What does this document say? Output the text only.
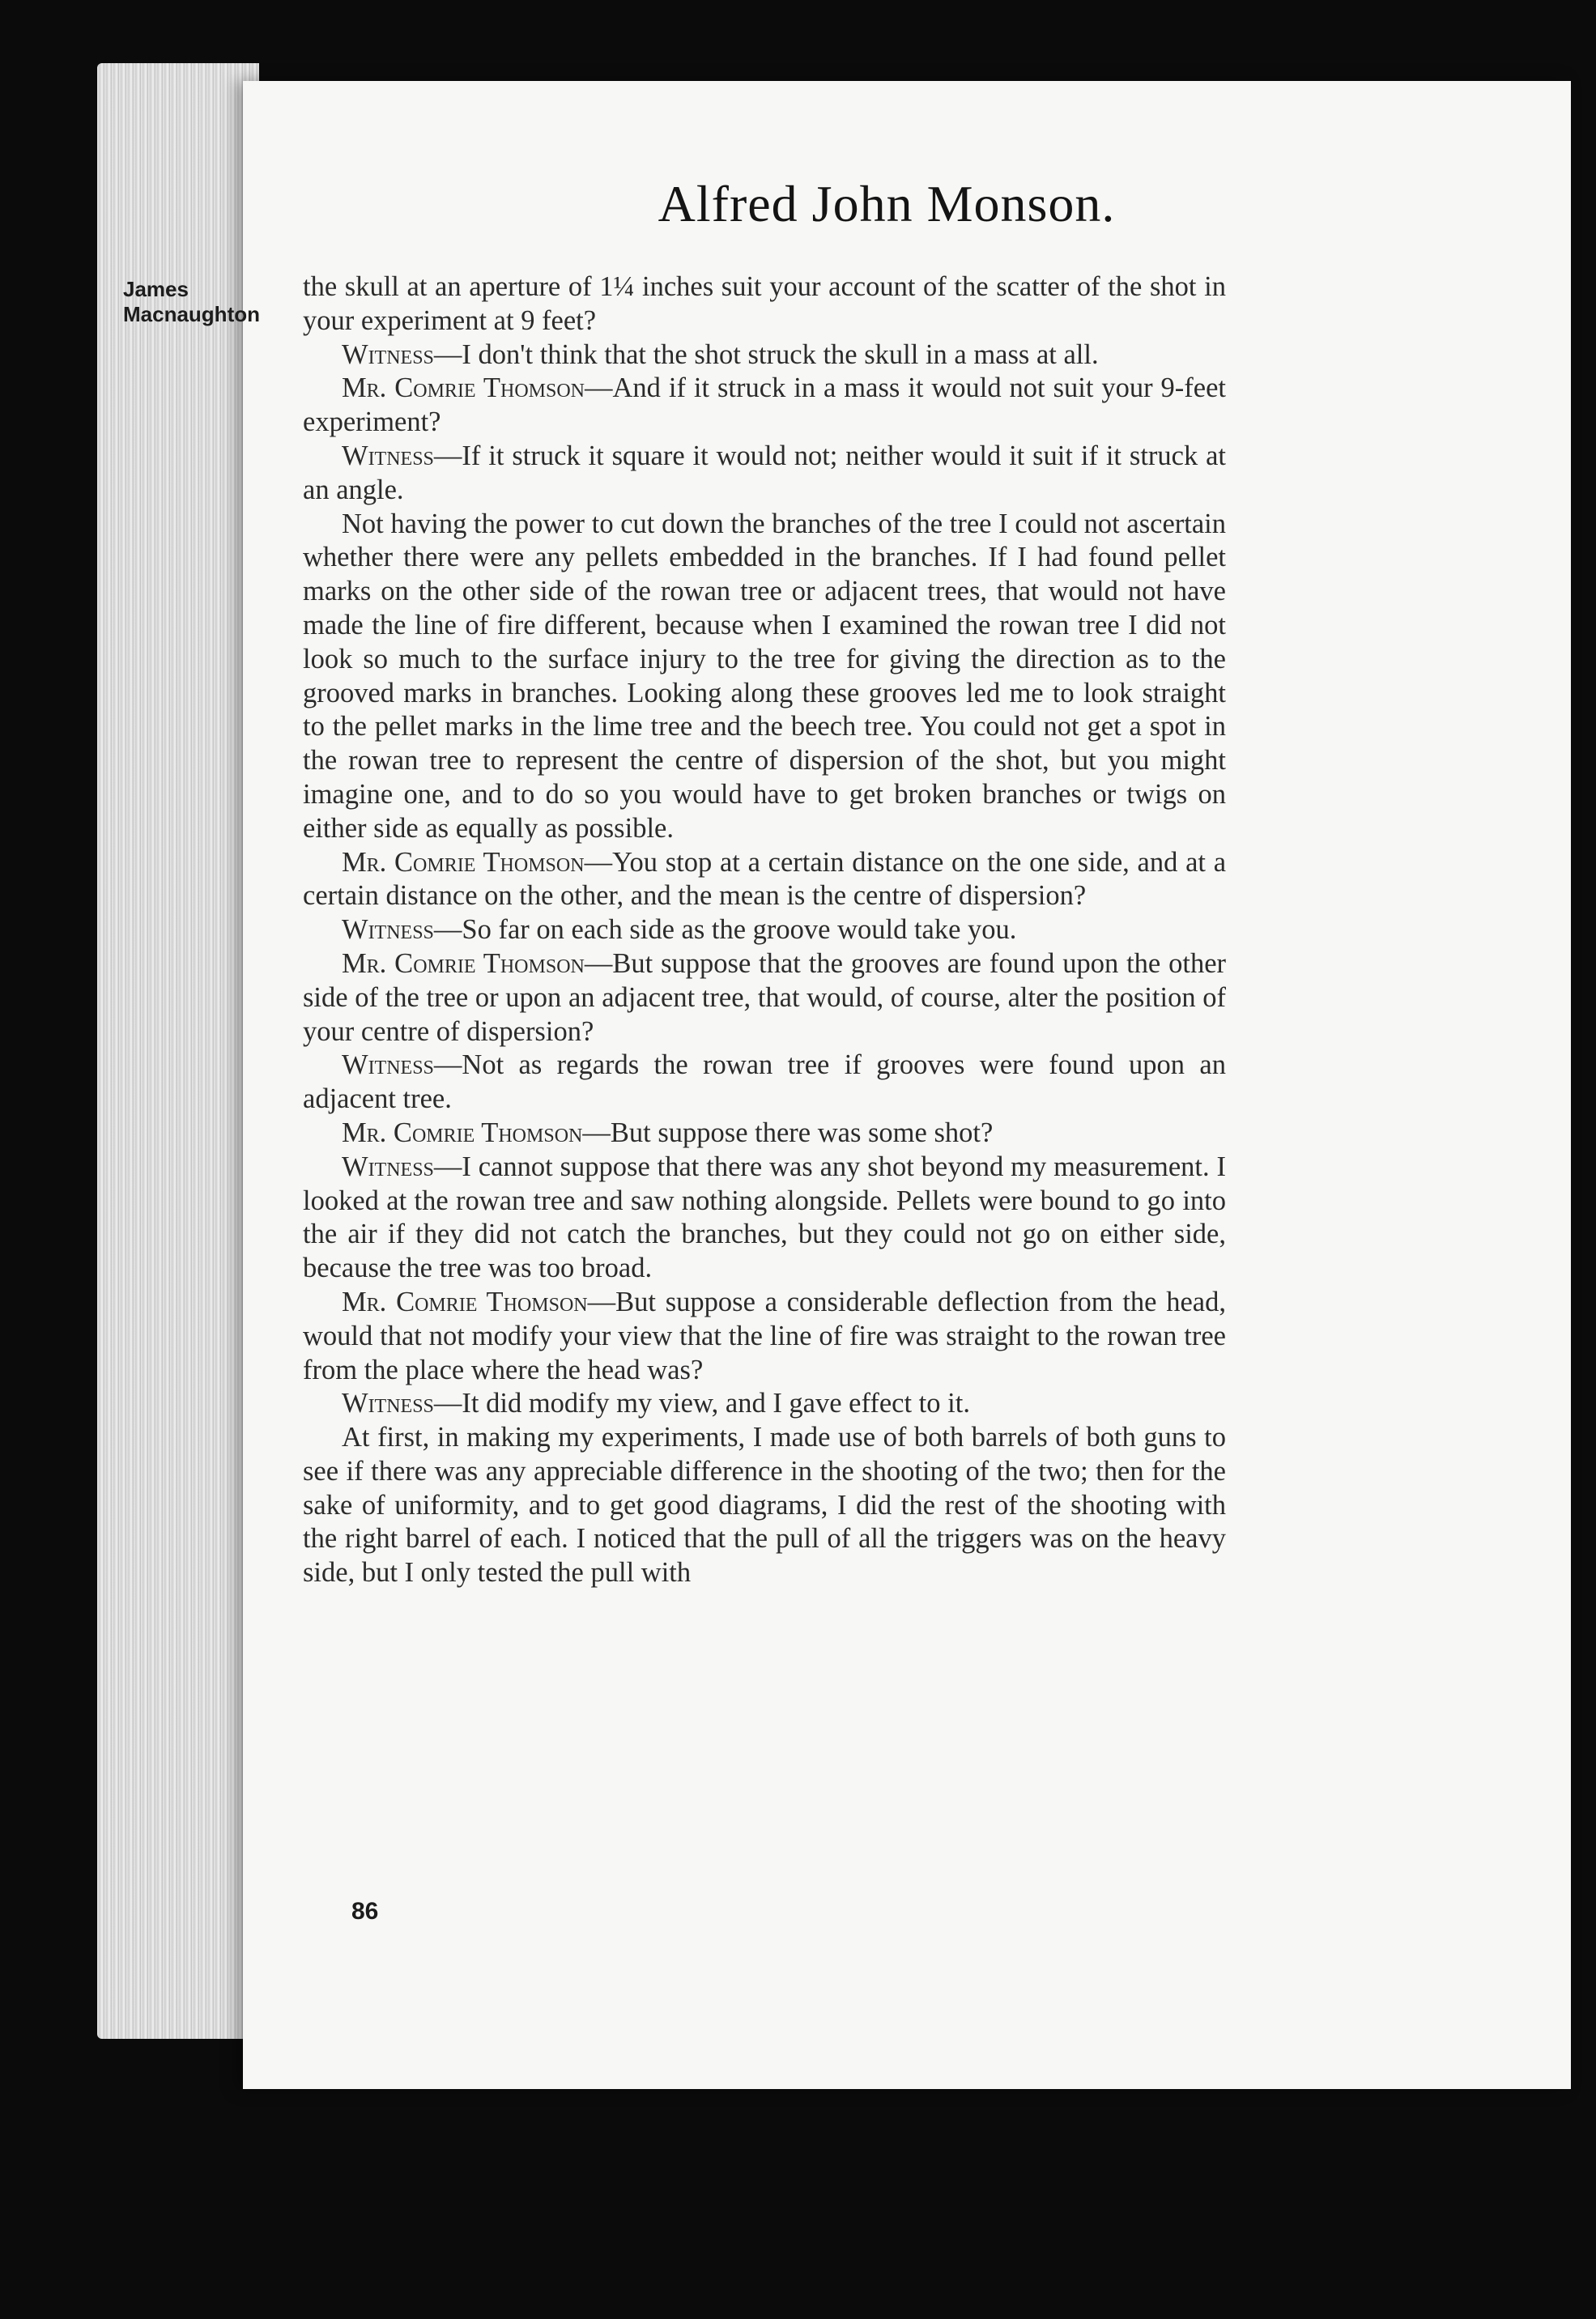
Alfred John Monson.
James
Macnaughton

the skull at an aperture of 1¼ inches suit your account of the scatter of the shot in your experiment at 9 feet?

Witness—I don't think that the shot struck the skull in a mass at all.

Mr. Comrie Thomson—And if it struck in a mass it would not suit your 9-feet experiment?

Witness—If it struck it square it would not; neither would it suit if it struck at an angle.

Not having the power to cut down the branches of the tree I could not ascertain whether there were any pellets embedded in the branches. If I had found pellet marks on the other side of the rowan tree or adjacent trees, that would not have made the line of fire different, because when I examined the rowan tree I did not look so much to the surface injury to the tree for giving the direction as to the grooved marks in branches. Looking along these grooves led me to look straight to the pellet marks in the lime tree and the beech tree. You could not get a spot in the rowan tree to represent the centre of dispersion of the shot, but you might imagine one, and to do so you would have to get broken branches or twigs on either side as equally as possible.

Mr. Comrie Thomson—You stop at a certain distance on the one side, and at a certain distance on the other, and the mean is the centre of dispersion?

Witness—So far on each side as the groove would take you.

Mr. Comrie Thomson—But suppose that the grooves are found upon the other side of the tree or upon an adjacent tree, that would, of course, alter the position of your centre of dispersion?

Witness—Not as regards the rowan tree if grooves were found upon an adjacent tree.

Mr. Comrie Thomson—But suppose there was some shot?

Witness—I cannot suppose that there was any shot beyond my measurement. I looked at the rowan tree and saw nothing alongside. Pellets were bound to go into the air if they did not catch the branches, but they could not go on either side, because the tree was too broad.

Mr. Comrie Thomson—But suppose a considerable deflection from the head, would that not modify your view that the line of fire was straight to the rowan tree from the place where the head was?

Witness—It did modify my view, and I gave effect to it.

At first, in making my experiments, I made use of both barrels of both guns to see if there was any appreciable difference in the shooting of the two; then for the sake of uniformity, and to get good diagrams, I did the rest of the shooting with the right barrel of each. I noticed that the pull of all the triggers was on the heavy side, but I only tested the pull with

86
